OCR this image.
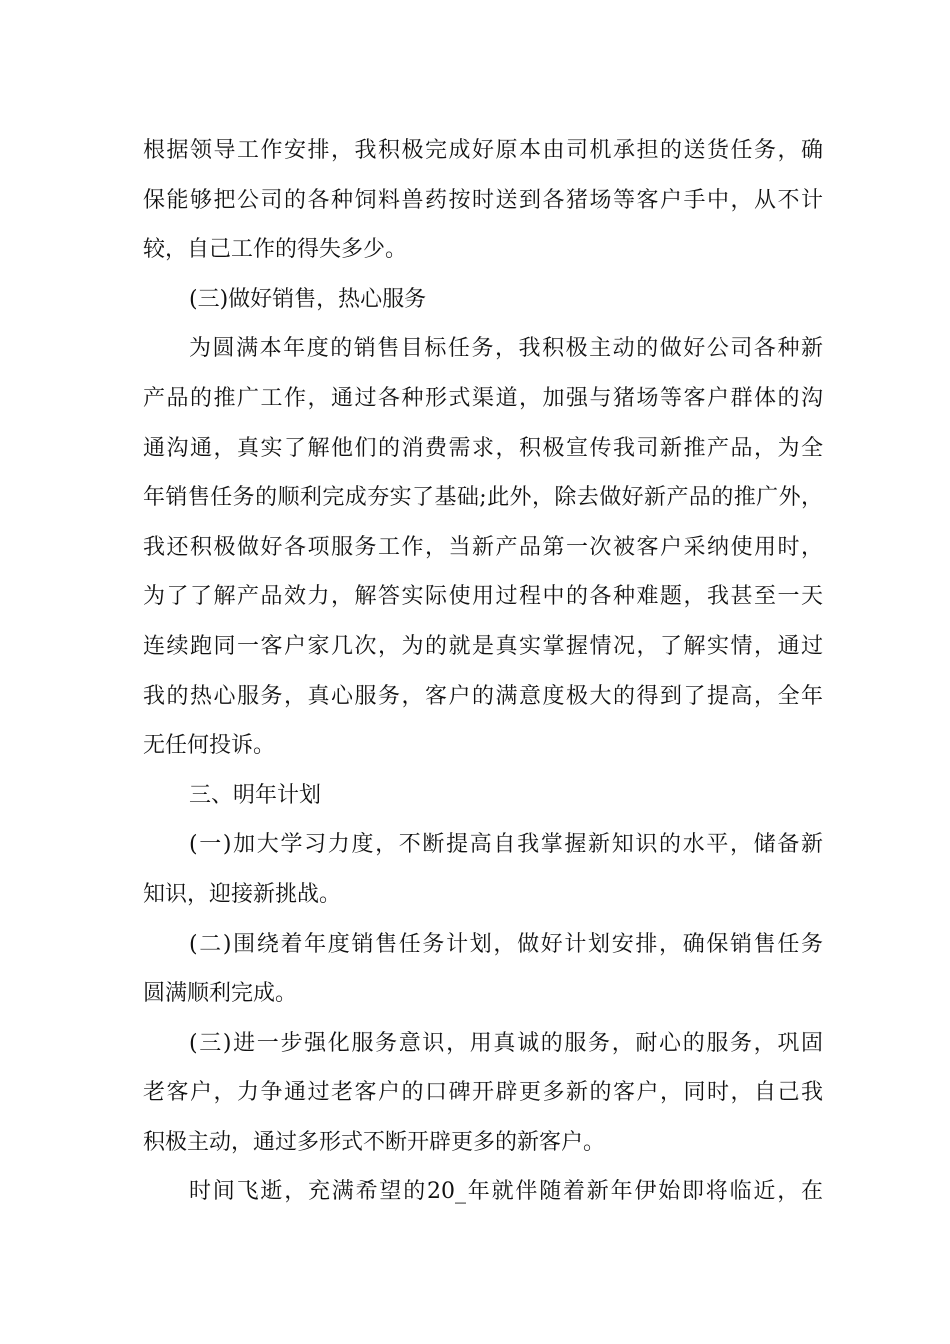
根据领导工作安排，我积极完成好原本由司机承担的送货任务，确
保能够把公司的各种饲料兽药按时送到各猪场等客户手中，从不计
较，自己工作的得失多少。
(三)做好销售，热心服务
为圆满本年度的销售目标任务，我积极主动的做好公司各种新
产品的推广工作，通过各种形式渠道，加强与猪场等客户群体的沟
通沟通，真实了解他们的消费需求，积极宣传我司新推产品，为全
年销售任务的顺利完成夯实了基础;此外，除去做好新产品的推广外，
我还积极做好各项服务工作，当新产品第一次被客户采纳使用时，
为了了解产品效力，解答实际使用过程中的各种难题，我甚至一天
连续跑同一客户家几次，为的就是真实掌握情况，了解实情，通过
我的热心服务，真心服务，客户的满意度极大的得到了提高，全年
无任何投诉。
三、明年计划
(一)加大学习力度，不断提高自我掌握新知识的水平，储备新
知识，迎接新挑战。
(二)围绕着年度销售任务计划，做好计划安排，确保销售任务
圆满顺利完成。
(三)进一步强化服务意识，用真诚的服务，耐心的服务，巩固
老客户，力争通过老客户的口碑开辟更多新的客户，同时，自己我
积极主动，通过多形式不断开辟更多的新客户。
时间飞逝，充满希望的20_年就伴随着新年伊始即将临近，在
